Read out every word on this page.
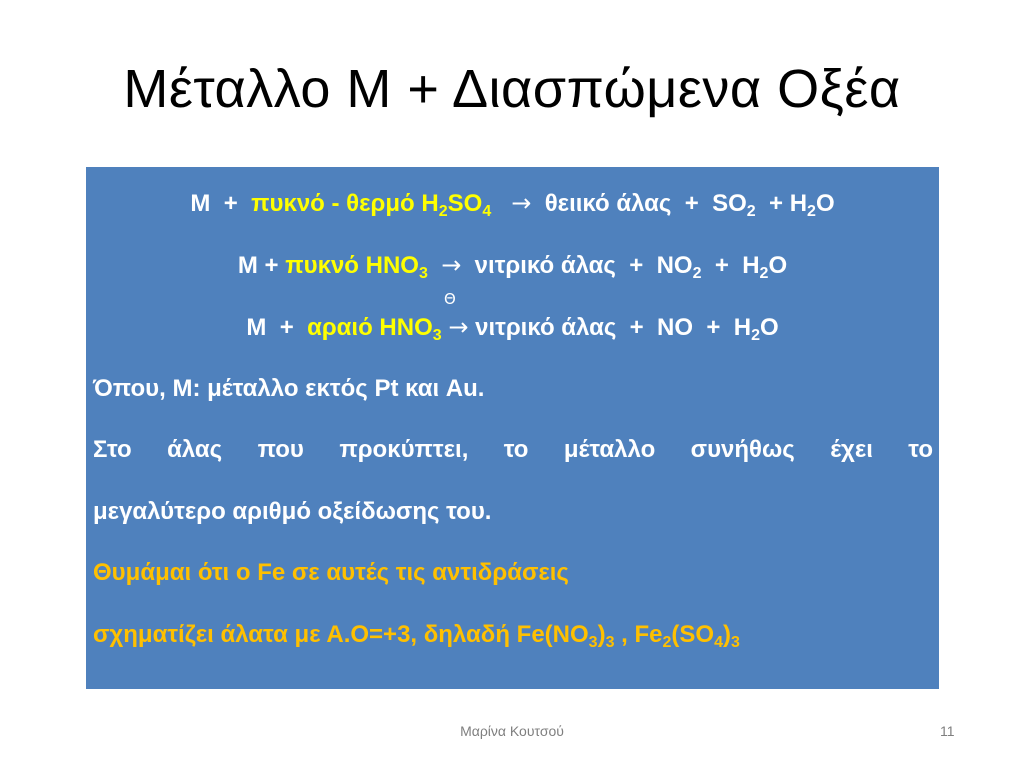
Μέταλλο Μ + Διασπώμενα Οξέα
Μ + πυκνό - θερμό $H_2SO_4 \to \theta\varepsilon\iota\iota\kappa ό$ $ά\lambda\alpha\varsigma + SO_2 + H_2O$
Μ + πυκνό $HNO_3 \to \nu\iota\tau\rho\iota\kappa ό$ $ά\lambda\alpha\varsigma + NO_2 + H_2O$
Θ
Μ + αραιό $HNO_3 \to \nu\iota\tau\rho\iota\kappa ό$ άλας + NO + $H_2O$
Όπου, Μ: μέταλλο εκτός Pt και Au.
Στο άλας που προκύπτει, το μέταλλο συνήθως έχει το
μεγαλύτερο αριθμό οξείδωσης του.
Θυμάμαι ότι ο Fe σε αυτές τις αντιδράσεις
σχηματίζει άλατα με Α.Ο=+3, δηλαδή $Fe(NO_3)_3$ , $Fe_2(SO_4)_3$
Μαρίνα Κουτσού	11
